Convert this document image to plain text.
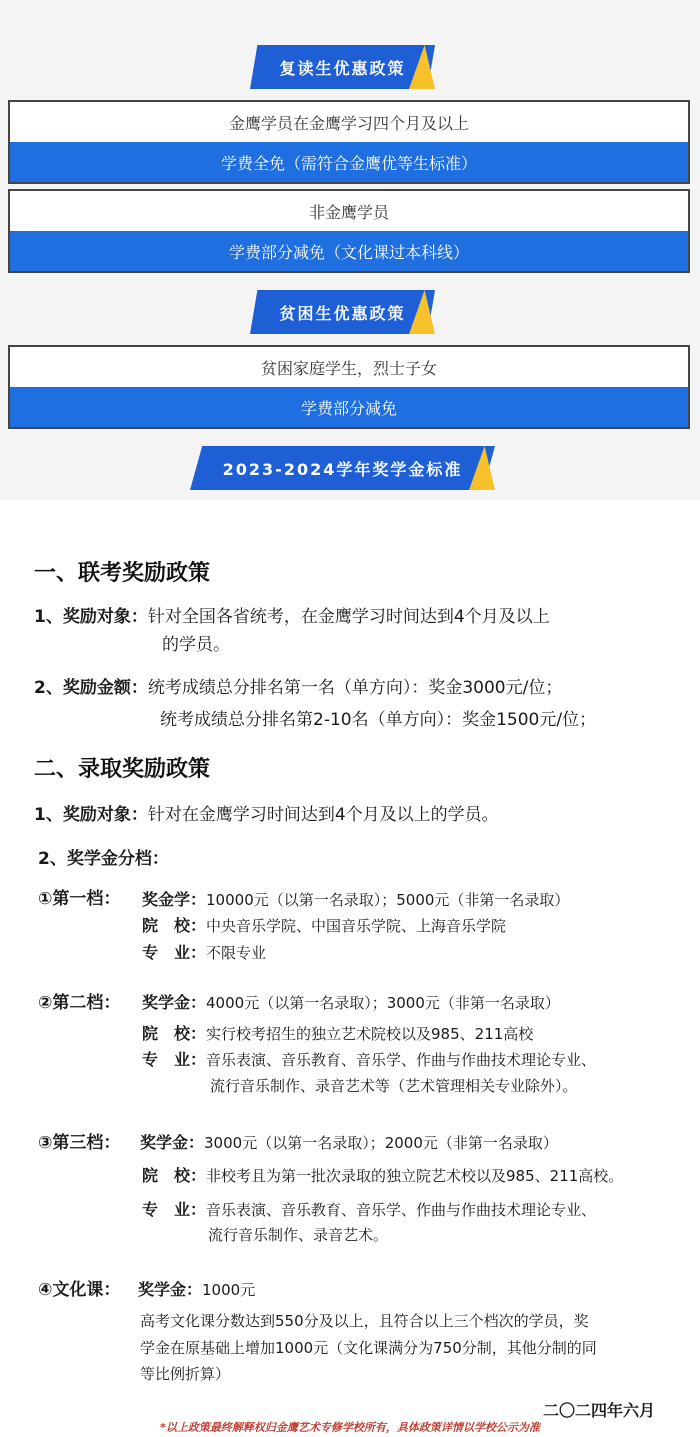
复读生优惠政策
金鹰学员在金鹰学习四个月及以上
学费全免（需符合金鹰优等生标准）
非金鹰学员
学费部分减免（文化课过本科线）
贫困生优惠政策
贫困家庭学生，烈士子女
学费部分减免
2023-2024学年奖学金标准
一、联考奖励政策
1、奖励对象：针对全国各省统考，在金鹰学习时间达到4个月及以上
的学员。
2、奖励金额：统考成绩总分排名第一名（单方向）：奖金3000元/位；
统考成绩总分排名第2-10名（单方向）：奖金1500元/位；
二、录取奖励政策
1、奖励对象：针对在金鹰学习时间达到4个月及以上的学员。
2、奖学金分档：
①第一档： 奖金学：10000元（以第一名录取）；5000元（非第一名录取）
院　校：中央音乐学院、中国音乐学院、上海音乐学院
专　业：不限专业
②第二档： 奖学金：4000元（以第一名录取）；3000元（非第一名录取）
院　校：实行校考招生的独立艺术院校以及985、211高校
专　业：音乐表演、音乐教育、音乐学、作曲与作曲技术理论专业、
流行音乐制作、录音艺术等（艺术管理相关专业除外）。
③第三档： 奖学金：3000元（以第一名录取）；2000元（非第一名录取）
院　校：非校考且为第一批次录取的独立院艺术校以及985、211高校。
专　业：音乐表演、音乐教育、音乐学、作曲与作曲技术理论专业、
流行音乐制作、录音艺术。
④文化课： 奖学金：1000元
高考文化课分数达到550分及以上，且符合以上三个档次的学员，奖
学金在原基础上增加1000元（文化课满分为750分制，其他分制的同
等比例折算）
二〇二四年六月
*以上政策最终解释权归金鹰艺术专修学校所有，具体政策详情以学校公示为准
